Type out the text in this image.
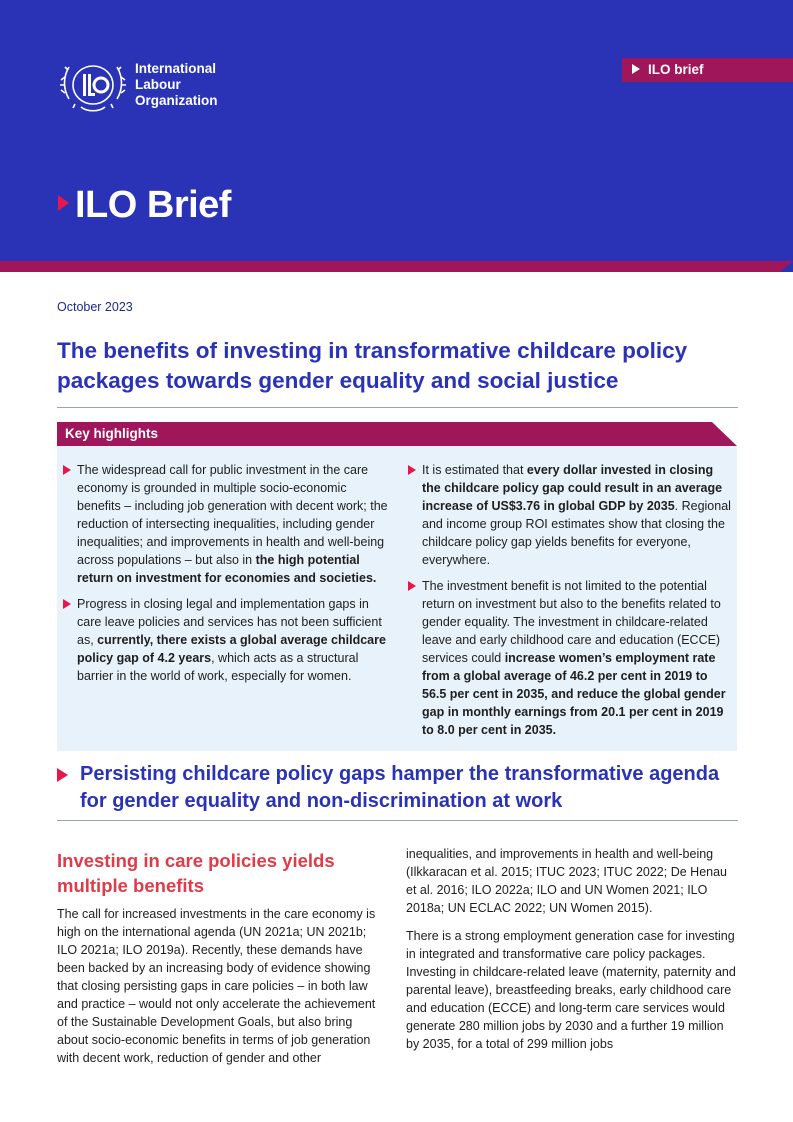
International
Labour
Organization
ILO brief
ILO Brief
October 2023
The benefits of investing in transformative childcare policy packages towards gender equality and social justice
Key highlights
The widespread call for public investment in the care economy is grounded in multiple socio-economic benefits – including job generation with decent work; the reduction of intersecting inequalities, including gender inequalities; and improvements in health and well-being across populations – but also in the high potential return on investment for economies and societies.
Progress in closing legal and implementation gaps in care leave policies and services has not been sufficient as, currently, there exists a global average childcare policy gap of 4.2 years, which acts as a structural barrier in the world of work, especially for women.
It is estimated that every dollar invested in closing the childcare policy gap could result in an average increase of US$3.76 in global GDP by 2035. Regional and income group ROI estimates show that closing the childcare policy gap yields benefits for everyone, everywhere.
The investment benefit is not limited to the potential return on investment but also to the benefits related to gender equality. The investment in childcare-related leave and early childhood care and education (ECCE) services could increase women’s employment rate from a global average of 46.2 per cent in 2019 to 56.5 per cent in 2035, and reduce the global gender gap in monthly earnings from 20.1 per cent in 2019 to 8.0 per cent in 2035.
Persisting childcare policy gaps hamper the transformative agenda for gender equality and non-discrimination at work
Investing in care policies yields multiple benefits
The call for increased investments in the care economy is high on the international agenda (UN 2021a; UN 2021b; ILO 2021a; ILO 2019a). Recently, these demands have been backed by an increasing body of evidence showing that closing persisting gaps in care policies – in both law and practice – would not only accelerate the achievement of the Sustainable Development Goals, but also bring about socio-economic benefits in terms of job generation with decent work, reduction of gender and other

inequalities, and improvements in health and well-being (Ilkkaracan et al. 2015; ITUC 2023; ITUC 2022; De Henau et al. 2016; ILO 2022a; ILO and UN Women 2021; ILO 2018a; UN ECLAC 2022; UN Women 2015).

There is a strong employment generation case for investing in integrated and transformative care policy packages. Investing in childcare-related leave (maternity, paternity and parental leave), breastfeeding breaks, early childhood care and education (ECCE) and long-term care services would generate 280 million jobs by 2030 and a further 19 million by 2035, for a total of 299 million jobs
